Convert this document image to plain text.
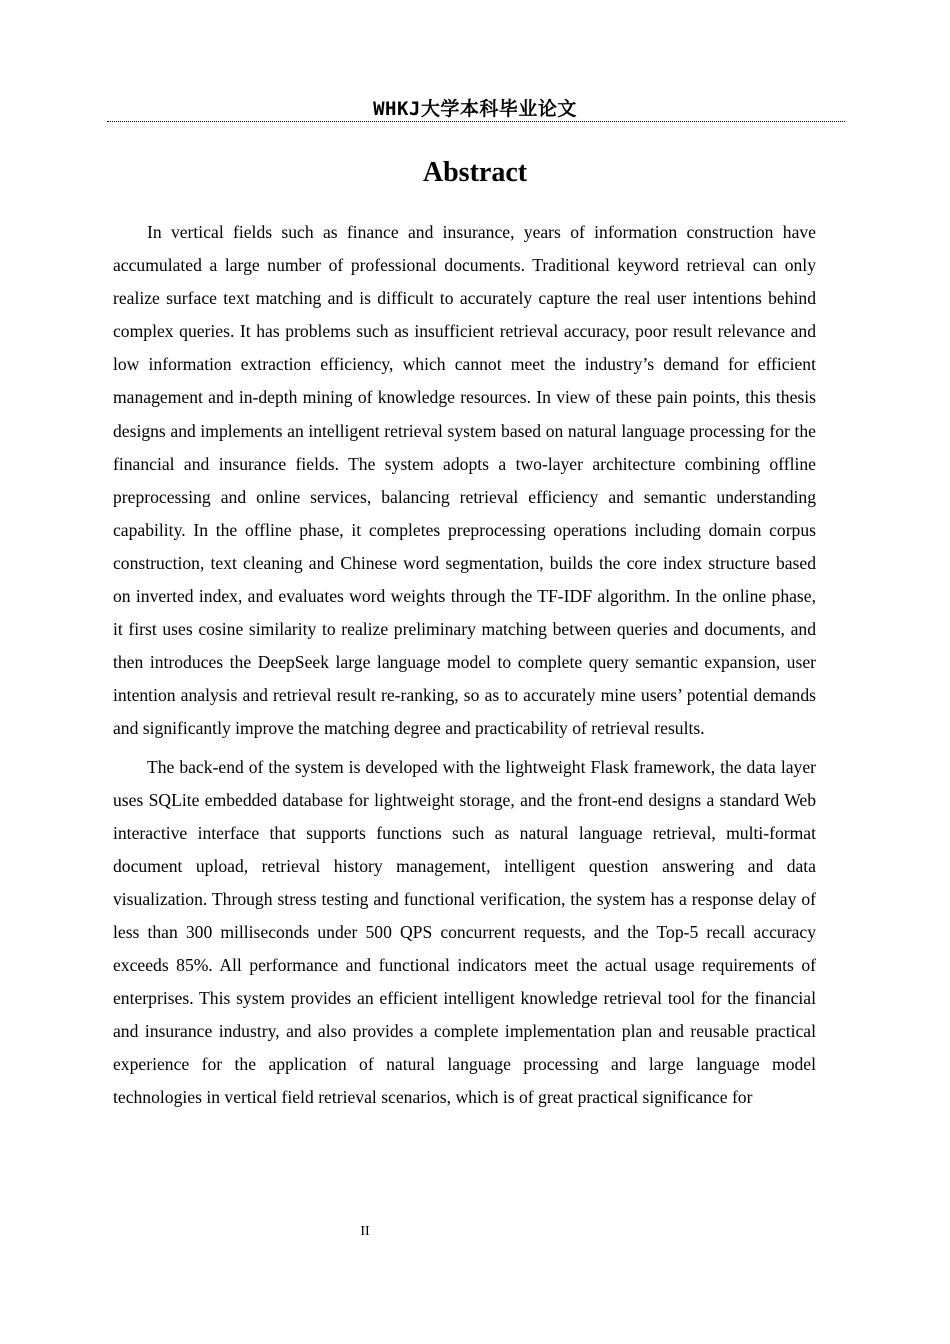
WHKJ大学本科毕业论文
Abstract

In vertical fields such as finance and insurance, years of information construction have accumulated a large number of professional documents. Traditional keyword retrieval can only realize surface text matching and is difficult to accurately capture the real user intentions behind complex queries. It has problems such as insufficient retrieval accuracy, poor result relevance and low information extraction efficiency, which cannot meet the industry’s demand for efficient management and in-depth mining of knowledge resources. In view of these pain points, this thesis designs and implements an intelligent retrieval system based on natural language processing for the financial and insurance fields. The system adopts a two-layer architecture combining offline preprocessing and online services, balancing retrieval efficiency and semantic understanding capability. In the offline phase, it completes preprocessing operations including domain corpus construction, text cleaning and Chinese word segmentation, builds the core index structure based on inverted index, and evaluates word weights through the TF-IDF algorithm. In the online phase, it first uses cosine similarity to realize preliminary matching between queries and documents, and then introduces the DeepSeek large language model to complete query semantic expansion, user intention analysis and retrieval result re-ranking, so as to accurately mine users’ potential demands and significantly improve the matching degree and practicability of retrieval results.

The back-end of the system is developed with the lightweight Flask framework, the data layer uses SQLite embedded database for lightweight storage, and the front-end designs a standard Web interactive interface that supports functions such as natural language retrieval, multi-format document upload, retrieval history management, intelligent question answering and data visualization. Through stress testing and functional verification, the system has a response delay of less than 300 milliseconds under 500 QPS concurrent requests, and the Top-5 recall accuracy exceeds 85%. All performance and functional indicators meet the actual usage requirements of enterprises. This system provides an efficient intelligent knowledge retrieval tool for the financial and insurance industry, and also provides a complete implementation plan and reusable practical experience for the application of natural language processing and large language model technologies in vertical field retrieval scenarios, which is of great practical significance for

II
